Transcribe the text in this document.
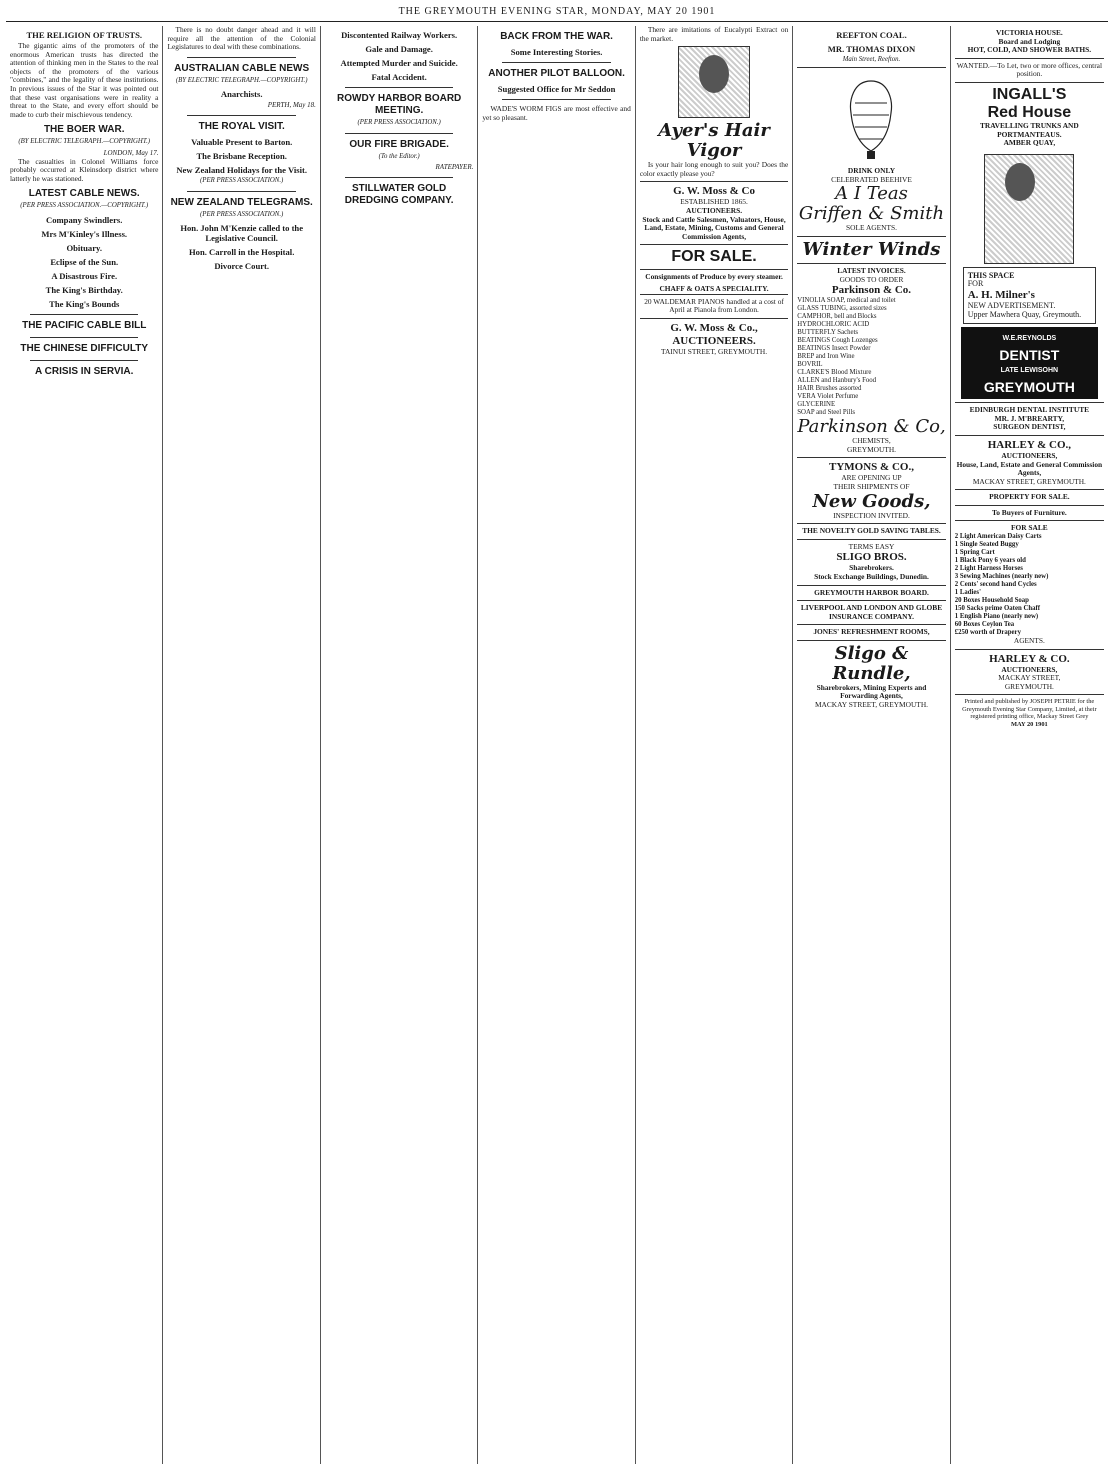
THE GREYMOUTH EVENING STAR, MONDAY, MAY 20 1901
THE RELIGION OF TRUSTS.

The gigantic aims of the promoters of the enormous American trusts has directed the attention of thinking men in the States to the real objects of the promoters of the various "combines," and the legality of these institutions. In previous issues of the Star it was pointed out that these vast organisations were in reality a threat to the State, and every effort should be made to curb their mischievous tendency.

THE BOER WAR.
(BY ELECTRIC TELEGRAPH.—COPYRIGHT.)
LONDON, May 17.

The casualties in Colonel Williams force probably occurred at Kleinsdorp district where latterly he was stationed.

LATEST CABLE NEWS.
(PER PRESS ASSOCIATION.—COPYRIGHT.)
Company Swindlers.
Mrs M'Kinley's Illness.
Obituary.
Eclipse of the Sun.
A Disastrous Fire.
The King's Birthday.
The King's Bounds
THE PACIFIC CABLE BILL
THE CHINESE DIFFICULTY
A CRISIS IN SERVIA.

There is no doubt danger ahead and it will require all the attention of the Colonial Legislatures to deal with these combinations.

AUSTRALIAN CABLE NEWS
(BY ELECTRIC TELEGRAPH.—COPYRIGHT.)
Anarchists.
PERTH, May 18.
THE ROYAL VISIT.
Valuable Present to Barton.
The Brisbane Reception.
New Zealand Holidays for the Visit.
(PER PRESS ASSOCIATION.)
NEW ZEALAND TELEGRAMS.
(PER PRESS ASSOCIATION.)
Hon. John M'Kenzie called to the Legislative Council.
Hon. Carroll in the Hospital.
Divorce Court.
Discontented Railway Workers.
Gale and Damage.
Attempted Murder and Suicide.
Fatal Accident.
ROWDY HARBOR BOARD MEETING.
(PER PRESS ASSOCIATION.)
OUR FIRE BRIGADE.
(To the Editor.)
RATEPAYER.
STILLWATER GOLD DREDGING COMPANY.
BACK FROM THE WAR.
Some Interesting Stories.
ANOTHER PILOT BALLOON.
Suggested Office for Mr Seddon

WADE'S WORM FIGS are most effective and yet so pleasant.

There are imitations of Eucalypti Extract on the market.

Ayer's Hair Vigor

Is your hair long enough to suit you? Does the color exactly please you?

G. W. Moss & Co
ESTABLISHED 1865.
AUCTIONEERS.
Stock and Cattle Salesmen, Valuators, House, Land, Estate, Mining, Customs and General Commission Agents,
FOR SALE.
Consignments of Produce by every steamer.
CHAFF & OATS A SPECIALITY.
20 WALDEMAR PIANOS handled at a cost of April at Pianola from London.
G. W. Moss & Co., AUCTIONEERS.
TAINUI STREET, GREYMOUTH.
REEFTON COAL.
MR. THOMAS DIXON
Main Street, Reefton.
DRINK ONLY
CELEBRATED BEEHIVE
A I Teas
Griffen & Smith
SOLE AGENTS.
Winter Winds
LATEST INVOICES.
GOODS TO ORDER
Parkinson & Co.
VINOLIA SOAP, medical and toilet
GLASS TUBING, assorted sizes
CAMPHOR, bell and Blocks
HYDROCHLORIC ACID
BUTTERFLY Sachets
BEATINGS Cough Lozenges
BEATINGS Insect Powder
BREP and Iron Wine
BOVRIL
CLARKE'S Blood Mixture
ALLEN and Hanbury's Food
HAIR Brushes assorted
VERA Violet Perfume
GLYCERINE
SOAP and Steel Pills
Parkinson & Co,
CHEMISTS,
GREYMOUTH.
TYMONS & CO.,
ARE OPENING UP
THEIR SHIPMENTS OF
New Goods,
INSPECTION INVITED.
THE NOVELTY GOLD SAVING TABLES.
TERMS EASY
SLIGO BROS.
Sharebrokers.
Stock Exchange Buildings, Dunedin.
GREYMOUTH HARBOR BOARD.
LIVERPOOL AND LONDON AND GLOBE INSURANCE COMPANY.
JONES' REFRESHMENT ROOMS,
Sligo & Rundle,
Sharebrokers, Mining Experts and Forwarding Agents,
MACKAY STREET, GREYMOUTH.
VICTORIA HOUSE.
Board and Lodging
HOT, COLD, AND SHOWER BATHS.
WANTED.—To Let, two or more offices, central position.
INGALL'S
Red House
TRAVELLING TRUNKS AND PORTMANTEAUS.
AMBER QUAY,
THIS SPACE
FOR
A. H. Milner's
NEW ADVERTISEMENT.
Upper Mawhera Quay, Greymouth.
W.E.REYNOLDS
DENTIST
LATE LEWISOHN
GREYMOUTH
EDINBURGH DENTAL INSTITUTE
MR. J. M'BREARTY,
SURGEON DENTIST,
HARLEY & CO.,
AUCTIONEERS,
House, Land, Estate and General Commission Agents,
MACKAY STREET, GREYMOUTH.
PROPERTY FOR SALE.
To Buyers of Furniture.
FOR SALE
2 Light American Daisy Carts
1 Single Seated Buggy
1 Spring Cart
1 Black Pony 6 years old
2 Light Harness Horses
3 Sewing Machines (nearly new)
2 Cents' second hand Cycles
1 Ladies'
20 Boxes Household Soap
150 Sacks prime Oaten Chaff
1 English Piano (nearly new)
60 Boxes Ceylon Tea
£250 worth of Drapery
AGENTS.
HARLEY & CO.
AUCTIONEERS,
MACKAY STREET,
GREYMOUTH.
Printed and published by JOSEPH PETRIE for the Greymouth Evening Star Company, Limited, at their registered printing office, Mackay Street Grey
MAY 20 1901
